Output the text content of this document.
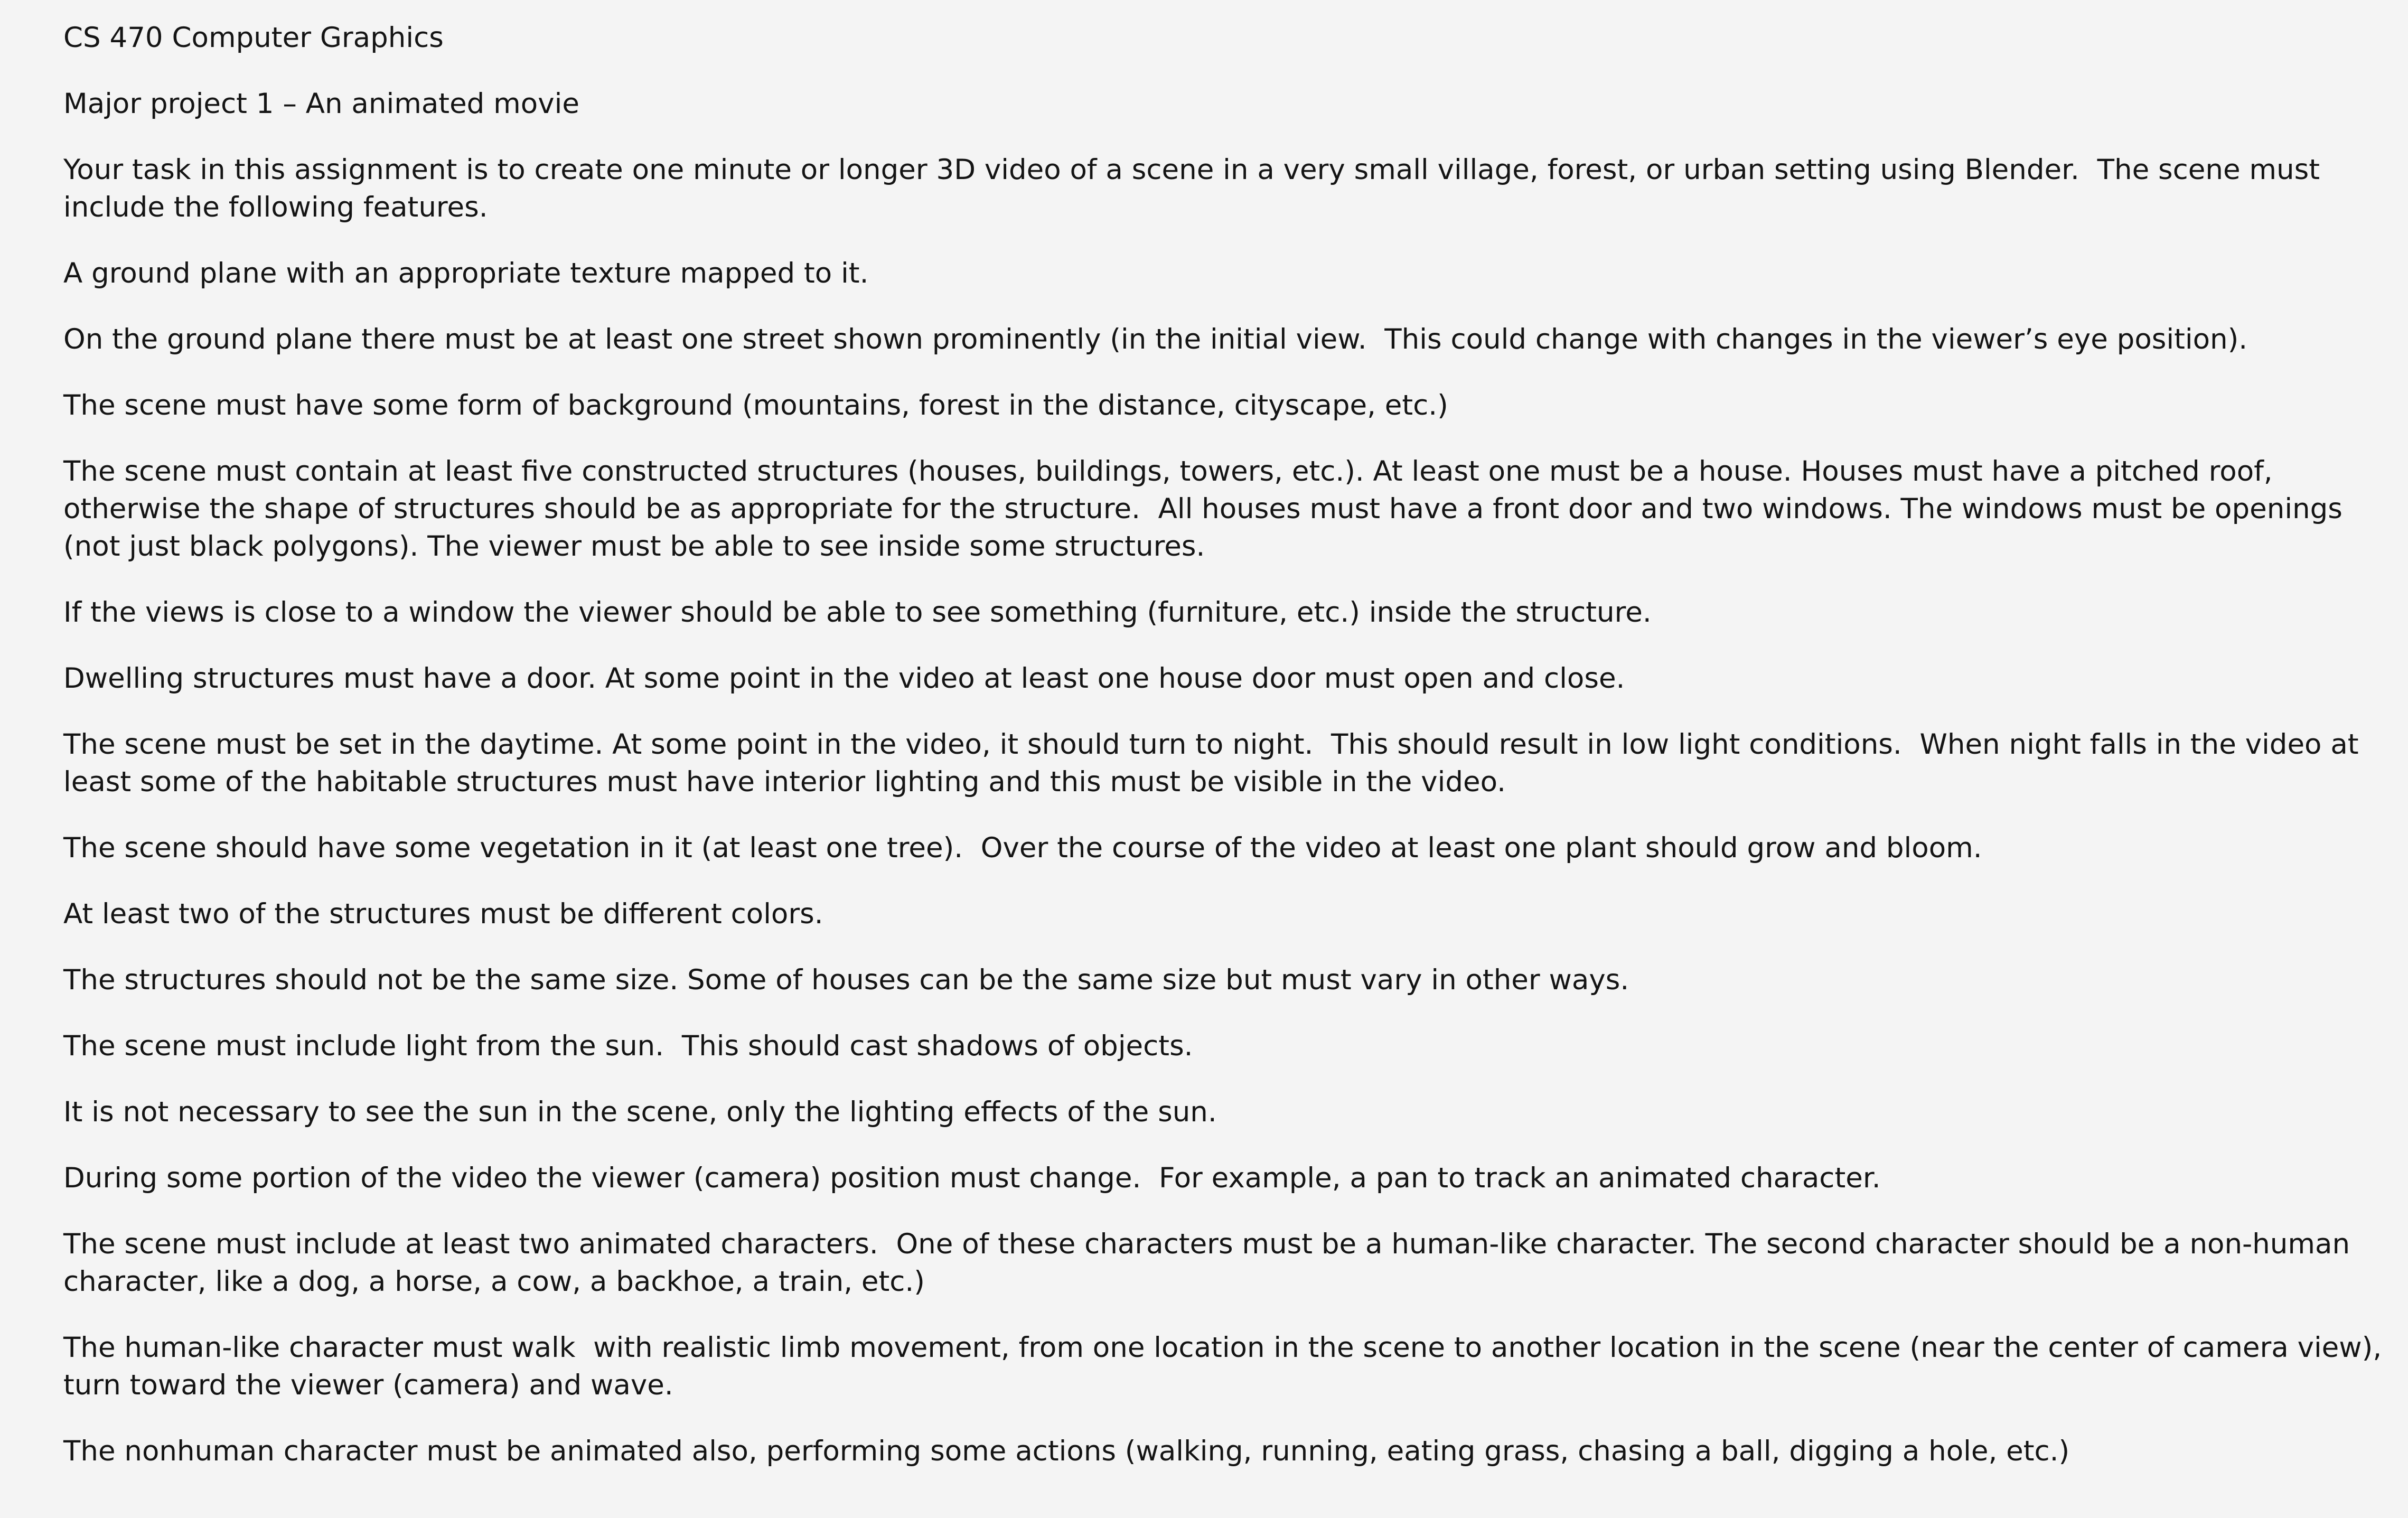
CS 470 Computer Graphics

Major project 1 – An animated movie

Your task in this assignment is to create one minute or longer 3D video of a scene in a very small village, forest, or urban setting using Blender.  The scene must include the following features.

A ground plane with an appropriate texture mapped to it.

On the ground plane there must be at least one street shown prominently (in the initial view.  This could change with changes in the viewer’s eye position).

The scene must have some form of background (mountains, forest in the distance, cityscape, etc.)

The scene must contain at least five constructed structures (houses, buildings, towers, etc.). At least one must be a house. Houses must have a pitched roof, otherwise the shape of structures should be as appropriate for the structure.  All houses must have a front door and two windows. The windows must be openings (not just black polygons). The viewer must be able to see inside some structures.

If the views is close to a window the viewer should be able to see something (furniture, etc.) inside the structure.

Dwelling structures must have a door. At some point in the video at least one house door must open and close.

The scene must be set in the daytime. At some point in the video, it should turn to night.  This should result in low light conditions.  When night falls in the video at least some of the habitable structures must have interior lighting and this must be visible in the video.

The scene should have some vegetation in it (at least one tree).  Over the course of the video at least one plant should grow and bloom.

At least two of the structures must be different colors.

The structures should not be the same size. Some of houses can be the same size but must vary in other ways.

The scene must include light from the sun.  This should cast shadows of objects.

It is not necessary to see the sun in the scene, only the lighting effects of the sun.

During some portion of the video the viewer (camera) position must change.  For example, a pan to track an animated character.

The scene must include at least two animated characters.  One of these characters must be a human-like character. The second character should be a non-human character, like a dog, a horse, a cow, a backhoe, a train, etc.)

The human-like character must walk  with realistic limb movement, from one location in the scene to another location in the scene (near the center of camera view), turn toward the viewer (camera) and wave.

The nonhuman character must be animated also, performing some actions (walking, running, eating grass, chasing a ball, digging a hole, etc.)
